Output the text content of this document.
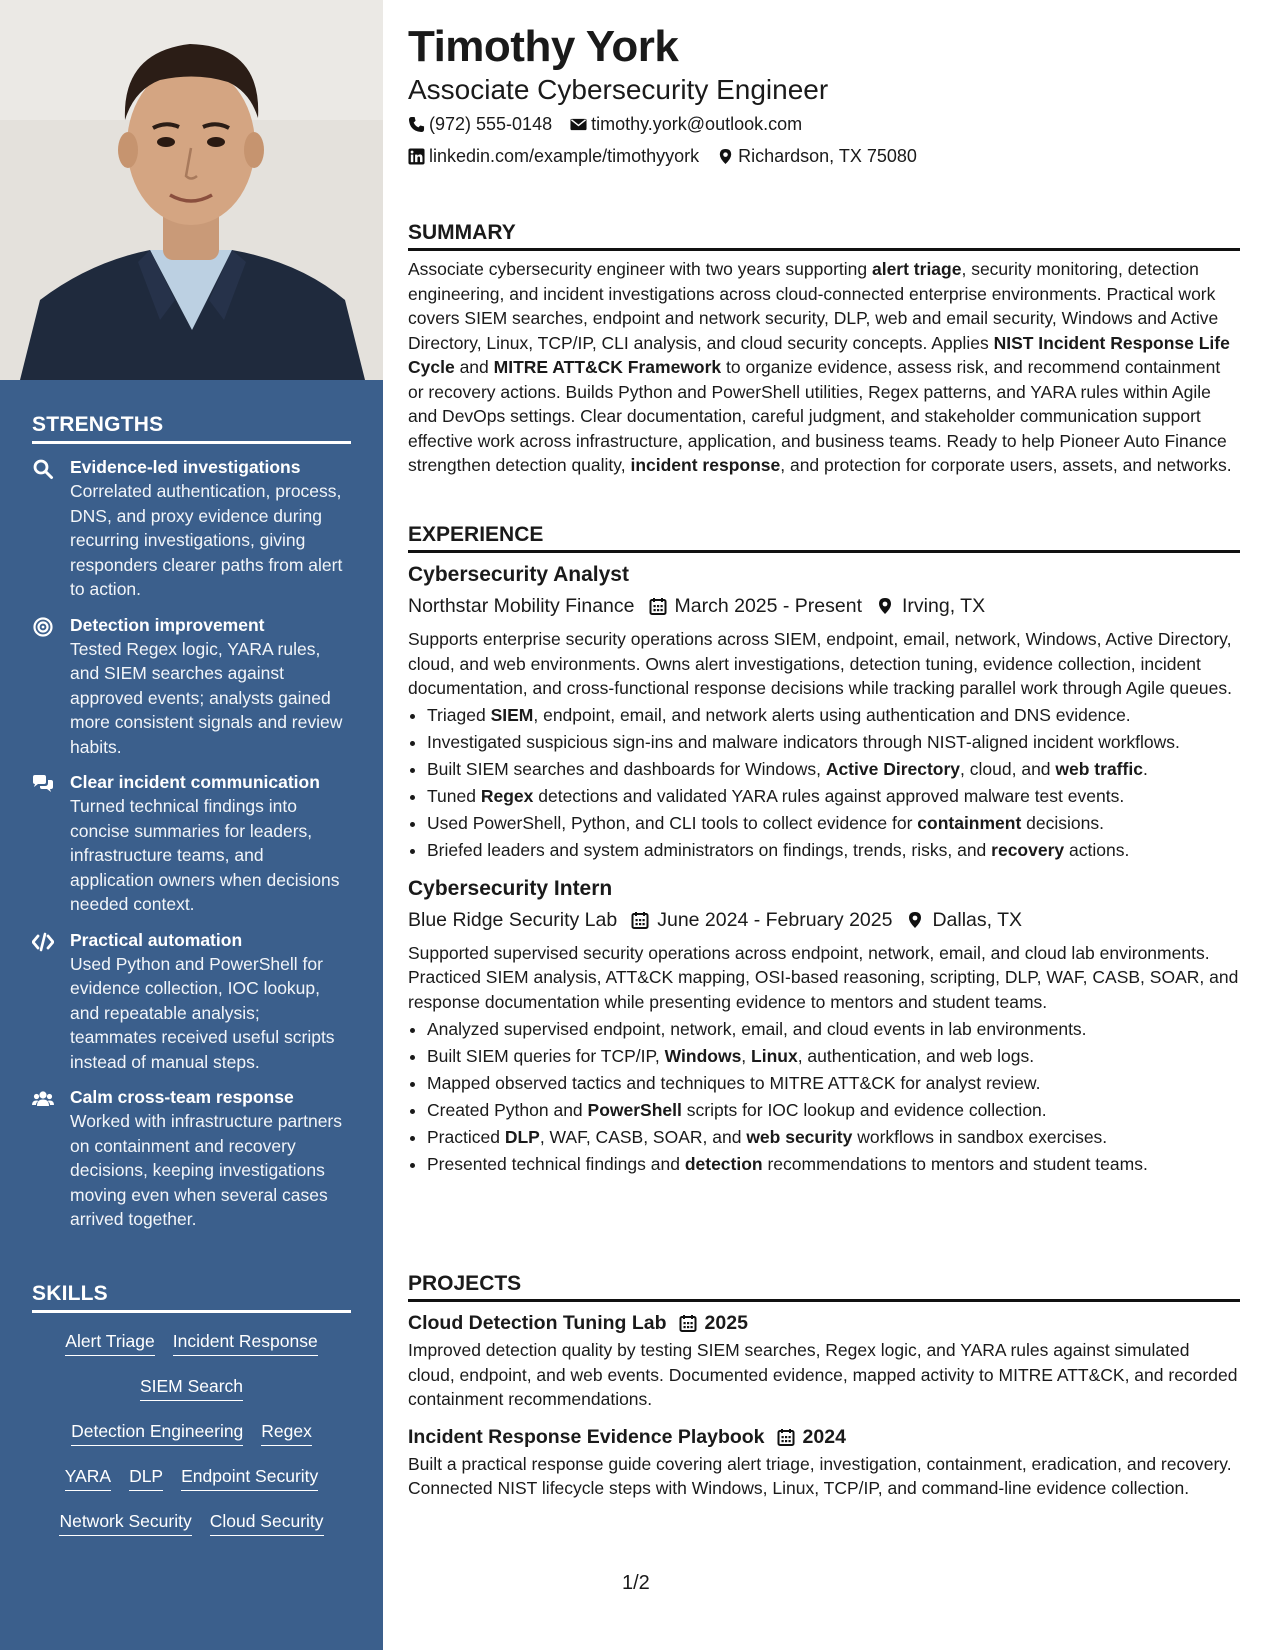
STRENGTHS
Evidence-led investigations
Correlated authentication, process, DNS, and proxy evidence during recurring investigations, giving responders clearer paths from alert to action.
Detection improvement
Tested Regex logic, YARA rules, and SIEM searches against approved events; analysts gained more consistent signals and review habits.
Clear incident communication
Turned technical findings into concise summaries for leaders, infrastructure teams, and application owners when decisions needed context.
Practical automation
Used Python and PowerShell for evidence collection, IOC lookup, and repeatable analysis; teammates received useful scripts instead of manual steps.
Calm cross-team response
Worked with infrastructure partners on containment and recovery decisions, keeping investigations moving even when several cases arrived together.
SKILLS
Alert Triage Incident Response
SIEM Search
Detection Engineering Regex
YARA DLP Endpoint Security
Network Security Cloud Security
Timothy York
Associate Cybersecurity Engineer
(972) 555-0148 timothy.york@outlook.com
linkedin.com/example/timothyyork Richardson, TX 75080
SUMMARY

Associate cybersecurity engineer with two years supporting alert triage, security monitoring, detection engineering, and incident investigations across cloud-connected enterprise environments. Practical work covers SIEM searches, endpoint and network security, DLP, web and email security, Windows and Active Directory, Linux, TCP/IP, CLI analysis, and cloud security concepts. Applies NIST Incident Response Life Cycle and MITRE ATT&CK Framework to organize evidence, assess risk, and recommend containment or recovery actions. Builds Python and PowerShell utilities, Regex patterns, and YARA rules within Agile and DevOps settings. Clear documentation, careful judgment, and stakeholder communication support effective work across infrastructure, application, and business teams. Ready to help Pioneer Auto Finance strengthen detection quality, incident response, and protection for corporate users, assets, and networks.

EXPERIENCE
Cybersecurity Analyst
Northstar Mobility Finance March 2025 - Present Irving, TX

Supports enterprise security operations across SIEM, endpoint, email, network, Windows, Active Directory, cloud, and web environments. Owns alert investigations, detection tuning, evidence collection, incident documentation, and cross-functional response decisions while tracking parallel work through Agile queues.

• Triaged SIEM, endpoint, email, and network alerts using authentication and DNS evidence.
• Investigated suspicious sign-ins and malware indicators through NIST-aligned incident workflows.
• Built SIEM searches and dashboards for Windows, Active Directory, cloud, and web traffic.
• Tuned Regex detections and validated YARA rules against approved malware test events.
• Used PowerShell, Python, and CLI tools to collect evidence for containment decisions.
• Briefed leaders and system administrators on findings, trends, risks, and recovery actions.
Cybersecurity Intern
Blue Ridge Security Lab June 2024 - February 2025 Dallas, TX

Supported supervised security operations across endpoint, network, email, and cloud lab environments. Practiced SIEM analysis, ATT&CK mapping, OSI-based reasoning, scripting, DLP, WAF, CASB, SOAR, and response documentation while presenting evidence to mentors and student teams.

• Analyzed supervised endpoint, network, email, and cloud events in lab environments.
• Built SIEM queries for TCP/IP, Windows, Linux, authentication, and web logs.
• Mapped observed tactics and techniques to MITRE ATT&CK for analyst review.
• Created Python and PowerShell scripts for IOC lookup and evidence collection.
• Practiced DLP, WAF, CASB, SOAR, and web security workflows in sandbox exercises.
• Presented technical findings and detection recommendations to mentors and student teams.
PROJECTS
Cloud Detection Tuning Lab 2025

Improved detection quality by testing SIEM searches, Regex logic, and YARA rules against simulated cloud, endpoint, and web events. Documented evidence, mapped activity to MITRE ATT&CK, and recorded containment recommendations.

Incident Response Evidence Playbook 2024

Built a practical response guide covering alert triage, investigation, containment, eradication, and recovery. Connected NIST lifecycle steps with Windows, Linux, TCP/IP, and command-line evidence collection.

1/2
